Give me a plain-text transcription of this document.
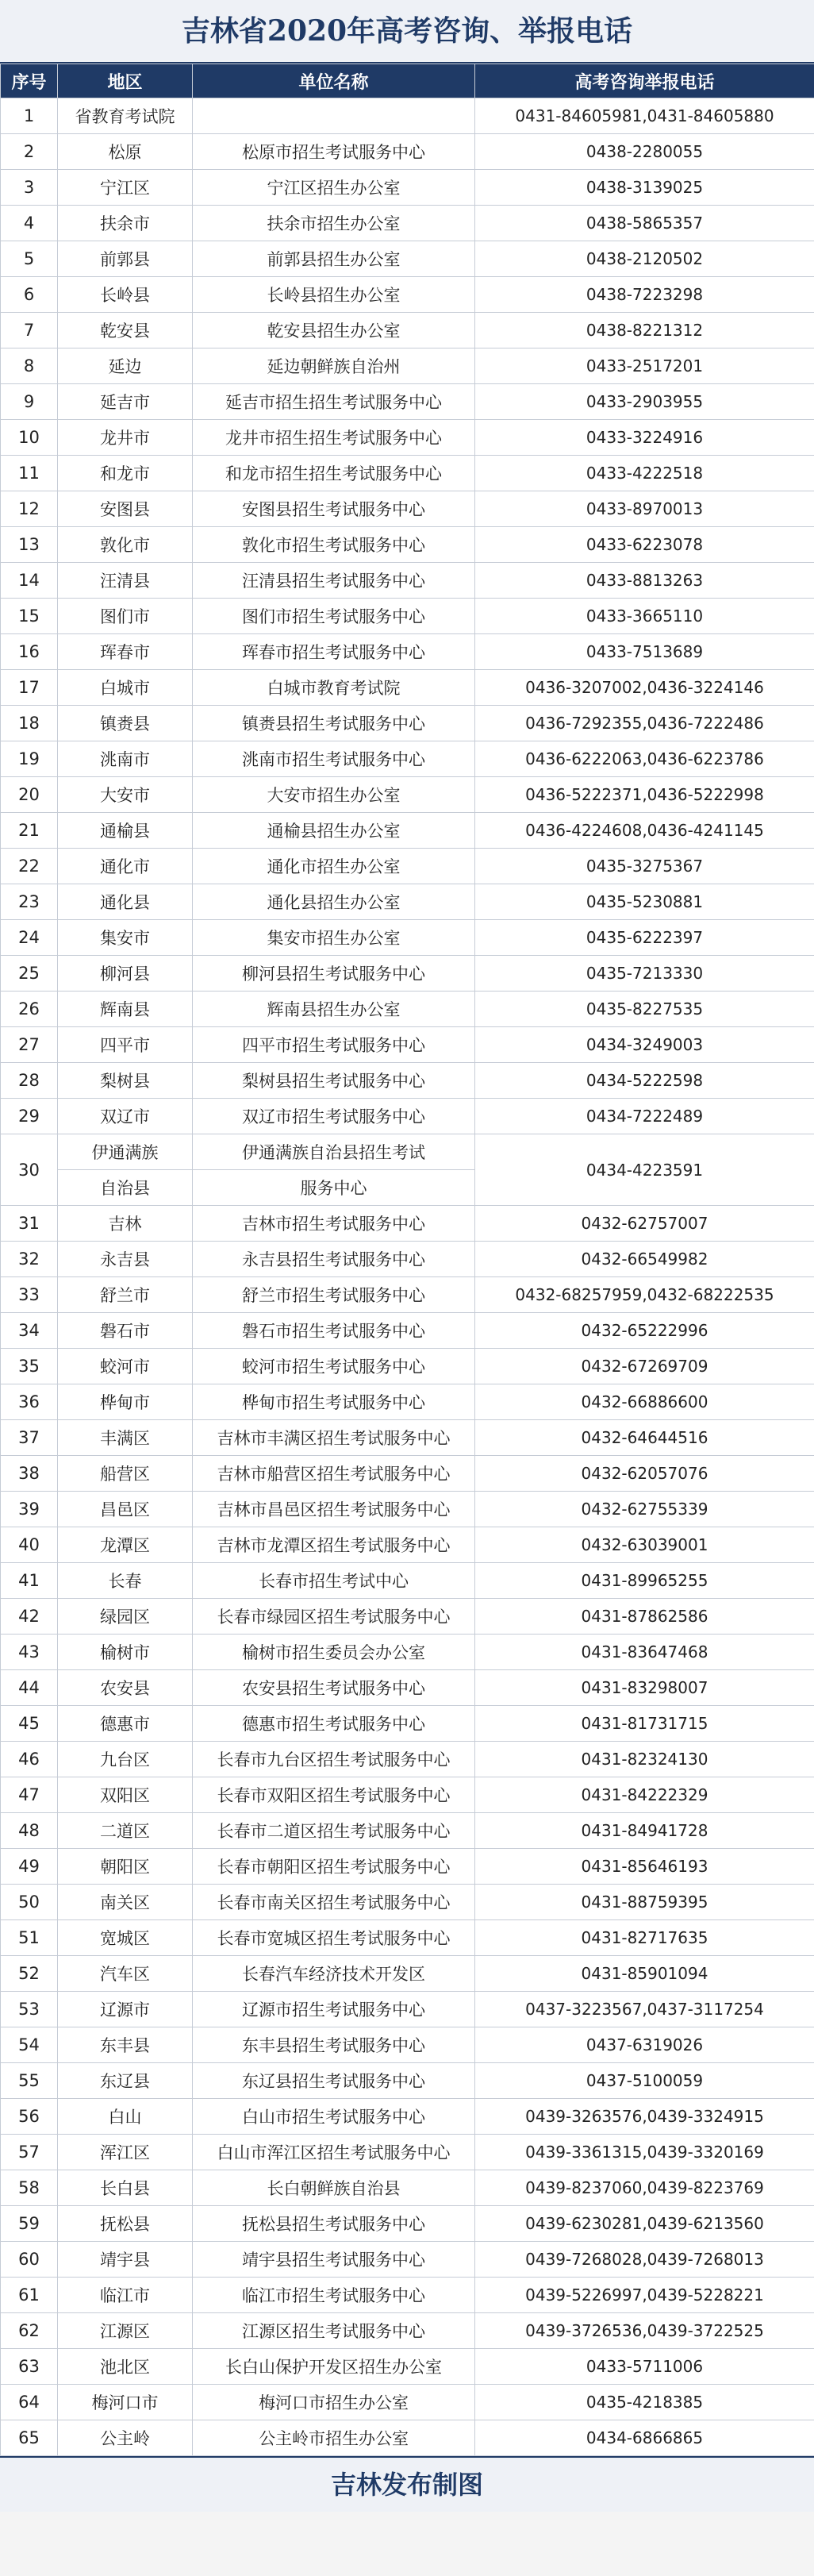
吉林省2020年高考咨询、举报电话
序号	地区	单位名称	高考咨询举报电话
1	省教育考试院		0431-84605981,0431-84605880
2	松原	松原市招生考试服务中心	0438-2280055
3	宁江区	宁江区招生办公室	0438-3139025
4	扶余市	扶余市招生办公室	0438-5865357
5	前郭县	前郭县招生办公室	0438-2120502
6	长岭县	长岭县招生办公室	0438-7223298
7	乾安县	乾安县招生办公室	0438-8221312
8	延边	延边朝鲜族自治州	0433-2517201
9	延吉市	延吉市招生招生考试服务中心	0433-2903955
10	龙井市	龙井市招生招生考试服务中心	0433-3224916
11	和龙市	和龙市招生招生考试服务中心	0433-4222518
12	安图县	安图县招生考试服务中心	0433-8970013
13	敦化市	敦化市招生考试服务中心	0433-6223078
14	汪清县	汪清县招生考试服务中心	0433-8813263
15	图们市	图们市招生考试服务中心	0433-3665110
16	珲春市	珲春市招生考试服务中心	0433-7513689
17	白城市	白城市教育考试院	0436-3207002,0436-3224146
18	镇赉县	镇赉县招生考试服务中心	0436-7292355,0436-7222486
19	洮南市	洮南市招生考试服务中心	0436-6222063,0436-6223786
20	大安市	大安市招生办公室	0436-5222371,0436-5222998
21	通榆县	通榆县招生办公室	0436-4224608,0436-4241145
22	通化市	通化市招生办公室	0435-3275367
23	通化县	通化县招生办公室	0435-5230881
24	集安市	集安市招生办公室	0435-6222397
25	柳河县	柳河县招生考试服务中心	0435-7213330
26	辉南县	辉南县招生办公室	0435-8227535
27	四平市	四平市招生考试服务中心	0434-3249003
28	梨树县	梨树县招生考试服务中心	0434-5222598
29	双辽市	双辽市招生考试服务中心	0434-7222489
30	伊通满族	伊通满族自治县招生考试	0434-4223591
	自治县	服务中心	
31	吉林	吉林市招生考试服务中心	0432-62757007
32	永吉县	永吉县招生考试服务中心	0432-66549982
33	舒兰市	舒兰市招生考试服务中心	0432-68257959,0432-68222535
34	磐石市	磐石市招生考试服务中心	0432-65222996
35	蛟河市	蛟河市招生考试服务中心	0432-67269709
36	桦甸市	桦甸市招生考试服务中心	0432-66886600
37	丰满区	吉林市丰满区招生考试服务中心	0432-64644516
38	船营区	吉林市船营区招生考试服务中心	0432-62057076
39	昌邑区	吉林市昌邑区招生考试服务中心	0432-62755339
40	龙潭区	吉林市龙潭区招生考试服务中心	0432-63039001
41	长春	长春市招生考试中心	0431-89965255
42	绿园区	长春市绿园区招生考试服务中心	0431-87862586
43	榆树市	榆树市招生委员会办公室	0431-83647468
44	农安县	农安县招生考试服务中心	0431-83298007
45	德惠市	德惠市招生考试服务中心	0431-81731715
46	九台区	长春市九台区招生考试服务中心	0431-82324130
47	双阳区	长春市双阳区招生考试服务中心	0431-84222329
48	二道区	长春市二道区招生考试服务中心	0431-84941728
49	朝阳区	长春市朝阳区招生考试服务中心	0431-85646193
50	南关区	长春市南关区招生考试服务中心	0431-88759395
51	宽城区	长春市宽城区招生考试服务中心	0431-82717635
52	汽车区	长春汽车经济技术开发区	0431-85901094
53	辽源市	辽源市招生考试服务中心	0437-3223567,0437-3117254
54	东丰县	东丰县招生考试服务中心	0437-6319026
55	东辽县	东辽县招生考试服务中心	0437-5100059
56	白山	白山市招生考试服务中心	0439-3263576,0439-3324915
57	浑江区	白山市浑江区招生考试服务中心	0439-3361315,0439-3320169
58	长白县	长白朝鲜族自治县	0439-8237060,0439-8223769
59	抚松县	抚松县招生考试服务中心	0439-6230281,0439-6213560
60	靖宇县	靖宇县招生考试服务中心	0439-7268028,0439-7268013
61	临江市	临江市招生考试服务中心	0439-5226997,0439-5228221
62	江源区	江源区招生考试服务中心	0439-3726536,0439-3722525
63	池北区	长白山保护开发区招生办公室	0433-5711006
64	梅河口市	梅河口市招生办公室	0435-4218385
65	公主岭	公主岭市招生办公室	0434-6866865
吉林发布制图
